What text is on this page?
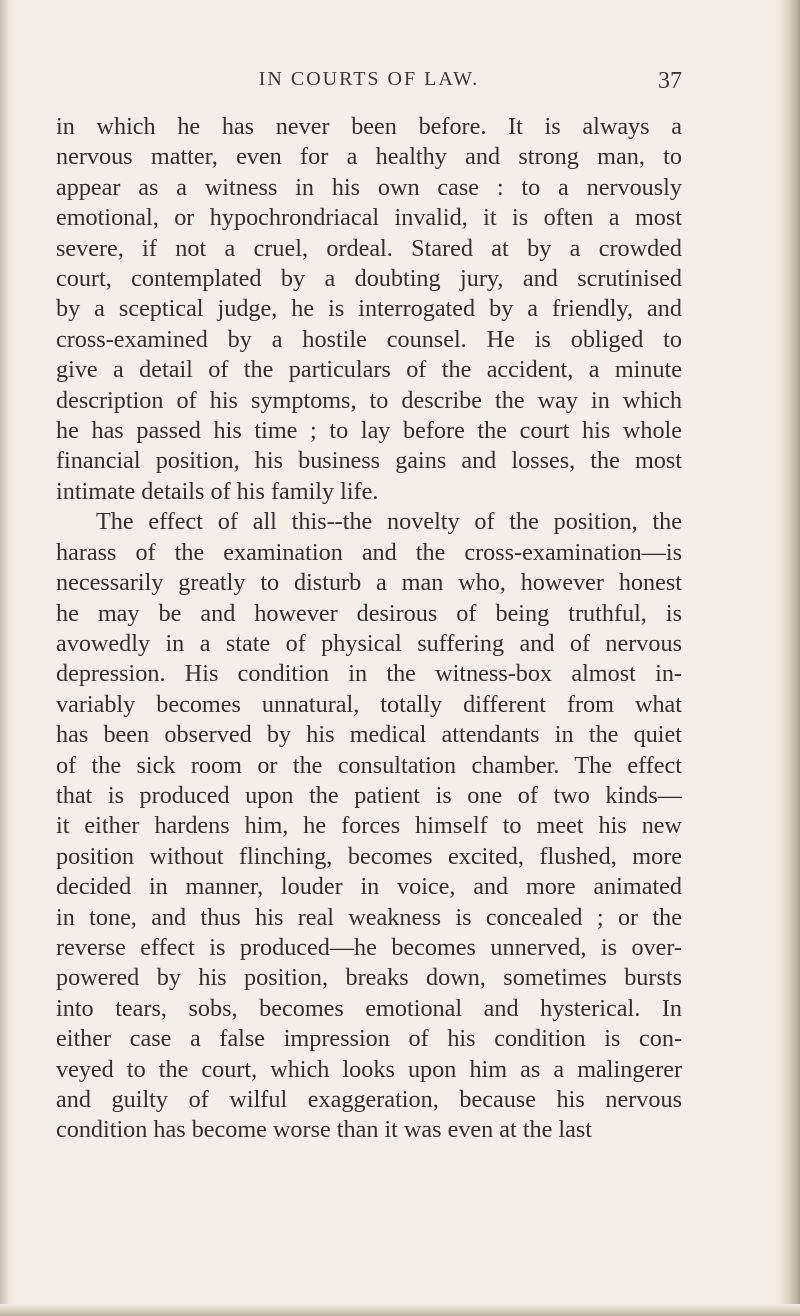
IN COURTS OF LAW.	37
in which he has never been before. It is always a
nervous matter, even for a healthy and strong man, to
appear as a witness in his own case : to a nervously
emotional, or hypochrondriacal invalid, it is often a most
severe, if not a cruel, ordeal. Stared at by a crowded
court, contemplated by a doubting jury, and scrutinised
by a sceptical judge, he is interrogated by a friendly, and
cross-examined by a hostile counsel. He is obliged to
give a detail of the particulars of the accident, a minute
description of his symptoms, to describe the way in which
he has passed his time ; to lay before the court his whole
financial position, his business gains and losses, the most
intimate details of his family life.
The effect of all this--the novelty of the position, the
harass of the examination and the cross-examination—is
necessarily greatly to disturb a man who, however honest
he may be and however desirous of being truthful, is
avowedly in a state of physical suffering and of nervous
depression. His condition in the witness-box almost in-
variably becomes unnatural, totally different from what
has been observed by his medical attendants in the quiet
of the sick room or the consultation chamber. The effect
that is produced upon the patient is one of two kinds—
it either hardens him, he forces himself to meet his new
position without flinching, becomes excited, flushed, more
decided in manner, louder in voice, and more animated
in tone, and thus his real weakness is concealed ; or the
reverse effect is produced—he becomes unnerved, is over-
powered by his position, breaks down, sometimes bursts
into tears, sobs, becomes emotional and hysterical. In
either case a false impression of his condition is con-
veyed to the court, which looks upon him as a malingerer
and guilty of wilful exaggeration, because his nervous
condition has become worse than it was even at the last
